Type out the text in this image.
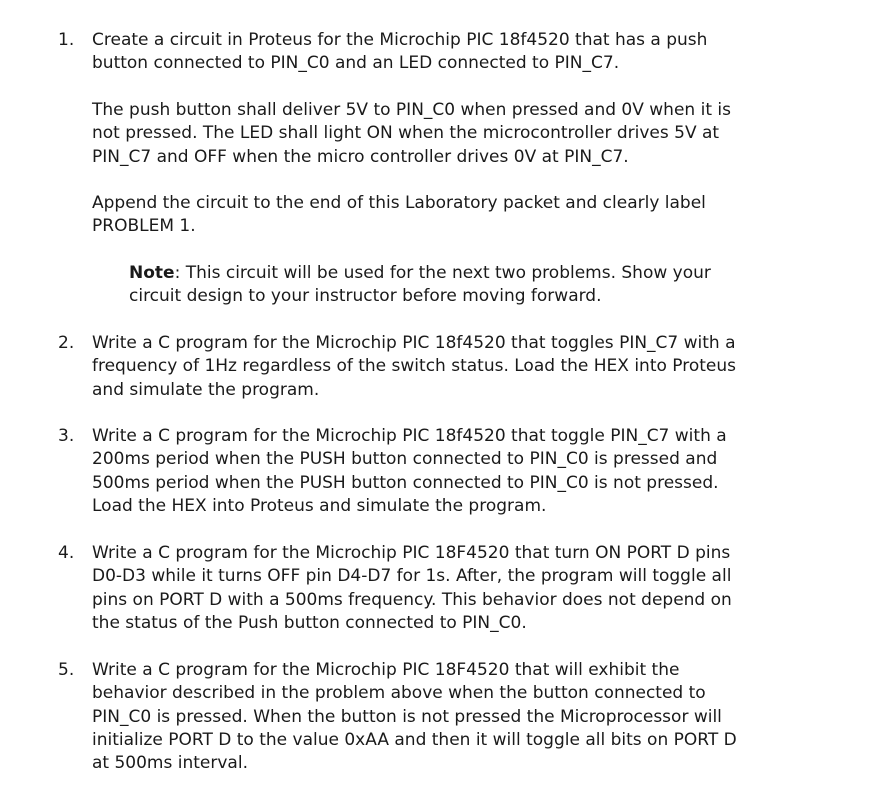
1.	Create a circuit in Proteus for the Microchip PIC 18f4520 that has a push
button connected to PIN_C0 and an LED connected to PIN_C7.
The push button shall deliver 5V to PIN_C0 when pressed and 0V when it is
not pressed. The LED shall light ON when the microcontroller drives 5V at
PIN_C7 and OFF when the micro controller drives 0V at PIN_C7.
Append the circuit to the end of this Laboratory packet and clearly label
PROBLEM 1.
Note: This circuit will be used for the next two problems. Show your
circuit design to your instructor before moving forward.
2.	Write a C program for the Microchip PIC 18f4520 that toggles PIN_C7 with a
frequency of 1Hz regardless of the switch status. Load the HEX into Proteus
and simulate the program.
3.	Write a C program for the Microchip PIC 18f4520 that toggle PIN_C7 with a
200ms period when the PUSH button connected to PIN_C0 is pressed and
500ms period when the PUSH button connected to PIN_C0 is not pressed.
Load the HEX into Proteus and simulate the program.
4.	Write a C program for the Microchip PIC 18F4520 that turn ON PORT D pins
D0-D3 while it turns OFF pin D4-D7 for 1s. After, the program will toggle all
pins on PORT D with a 500ms frequency. This behavior does not depend on
the status of the Push button connected to PIN_C0.
5.	Write a C program for the Microchip PIC 18F4520 that will exhibit the
behavior described in the problem above when the button connected to
PIN_C0 is pressed. When the button is not pressed the Microprocessor will
initialize PORT D to the value 0xAA and then it will toggle all bits on PORT D
at 500ms interval.
